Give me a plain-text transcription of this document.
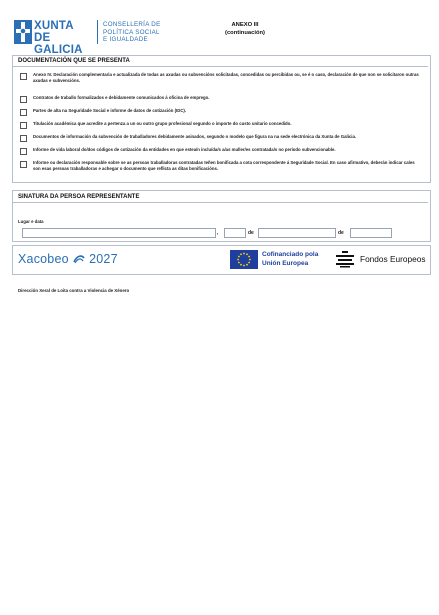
XUNTA
DE GALICIA
CONSELLERÍA DE
POLÍTICA SOCIAL
E IGUALDADE
ANEXO III
(continuación)
DOCUMENTACIÓN QUE SE PRESENTA
Anexo IV. Declaración complementaria e actualizada de todas as axudas ou subvencións solicitadas, concedidas ou percibidas ou, se é o caso, declaración de que non se solicitaron outras axudas e subvencións.
Contratos de traballo formalizados e debidamente comunicados á oficina de emprego.
Partes de alta na Seguridade Social e informe de datos de cotización (IDC).
Titulación académica que acredite a pertenza a un ou outro grupo profesional segundo o importe do custo unitario concedido.
Documentos de información da subvención de traballadores debidamente asinados, segundo o modelo que figura na na sede electrónica da Xunta de Galicia.
Informe de vida laboral do/dos códigos de cotización da entidades en que estea/n incluída/s a/as muller/es contratada/s no período subvencionable.
Informe ou declaración responsable sobre se as persoas traballadoras contratadas teñen bonificada a cota correspondente á Seguridade Social. En caso afirmativo, deberán indicar cales son esas persoas traballadoras e achegar o documento que reflicta as ditas bonificacións.
SINATURA DA PERSOA REPRESENTANTE
Lugar e data
,	de	de
Xacobeo 2027	Cofinanciado pola
Unión Europea	Fondos Europeos
Dirección Xeral de Loita contra a Violencia de Xénero
